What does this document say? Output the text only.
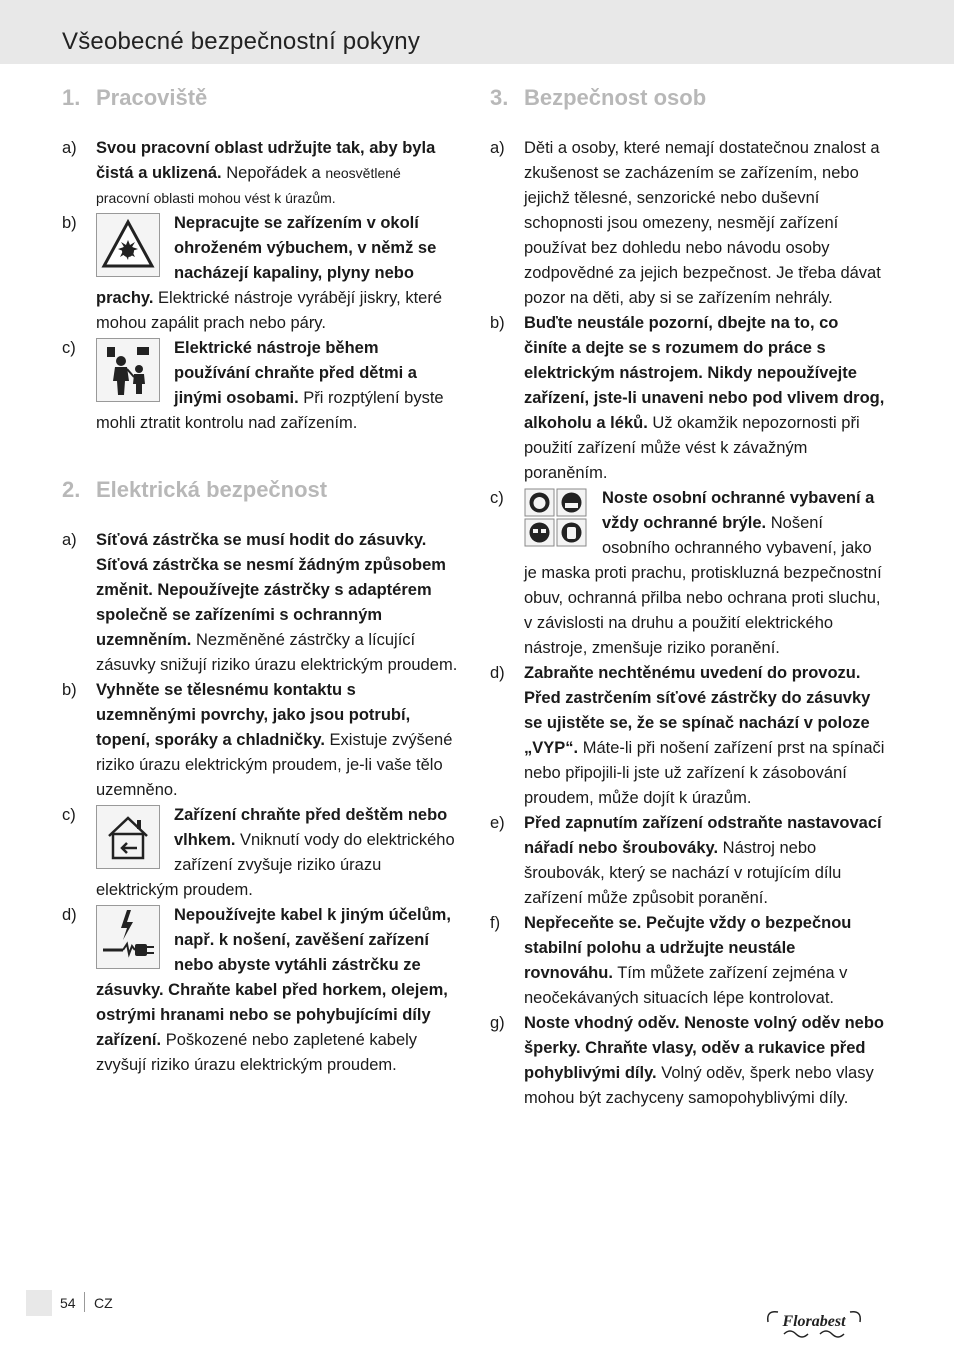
Všeobecné bezpečnostní pokyny
1. Pracoviště

a) Svou pracovní oblast udržujte tak, aby byla čistá a uklizená. Nepořádek a neosvětlené pracovní oblasti mohou vést k úrazům.

b)	Nepracujte se zařízením v okolí ohroženém výbuchem, v němž se nacházejí kapaliny, plyny nebo prachy. Elektrické nástroje vyrábějí jiskry, které mohou zapálit prach nebo páry.

c)	Elektrické nástroje během používání chraňte před dětmi a jinými osobami. Při rozptýlení byste mohli ztratit kontrolu nad zařízením.

2. Elektrická bezpečnost

a) Síťová zástrčka se musí hodit do zásuvky. Síťová zástrčka se nesmí žádným způsobem změnit. Nepoužívejte zástrčky s adaptérem společně se zařízeními s ochranným uzemněním. Nezměněné zástrčky a lícující zásuvky snižují riziko úrazu elektrickým proudem.

b) Vyhněte se tělesnému kontaktu s uzemněnými povrchy, jako jsou potrubí, topení, sporáky a chladničky. Existuje zvýšené riziko úrazu elektrickým proudem, je-li vaše tělo uzemněno.

c)	Zařízení chraňte před deštěm nebo vlhkem. Vniknutí vody do elektrického zařízení zvyšuje riziko úrazu elektrickým proudem.

d)	Nepoužívejte kabel k jiným účelům, např. k nošení, zavěšení zařízení nebo abyste vytáhli zástrčku ze zásuvky. Chraňte kabel před horkem, olejem, ostrými hranami nebo se pohybujícími díly zařízení. Poškozené nebo zapletené kabely zvyšují riziko úrazu elektrickým proudem.

3. Bezpečnost osob

a) Děti a osoby, které nemají dostatečnou znalost a zkušenost se zacházením se zařízením, nebo jejichž tělesné, senzorické nebo duševní schopnosti jsou omezeny, nesmějí zařízení používat bez dohledu nebo návodu osoby zodpovědné za jejich bezpečnost. Je třeba dávat pozor na děti, aby si se zařízením nehrály.

b) Buďte neustále pozorní, dbejte na to, co činíte a dejte se s rozumem do práce s elektrickým nástrojem. Nikdy nepoužívejte zařízení, jste-li unaveni nebo pod vlivem drog, alkoholu a léků. Už okamžik nepozornosti při použití zařízení může vést k závažným poraněním.

c)	Noste osobní ochranné vybavení a vždy ochranné brýle. Nošení osobního ochranného vybavení, jako je maska proti prachu, protiskluzná bezpečnostní obuv, ochranná přilba nebo ochrana proti sluchu, v závislosti na druhu a použití elektrického nástroje, zmenšuje riziko poranění.

d) Zabraňte nechtěnému uvedení do provozu. Před zastrčením síťové zástrčky do zásuvky se ujistěte se, že se spínač nachází v poloze „VYP“. Máte-li při nošení zařízení prst na spínači nebo připojili-li jste už zařízení k zásobování proudem, může dojít k úrazům.

e) Před zapnutím zařízení odstraňte nastavovací nářadí nebo šroubováky. Nástroj nebo šroubovák, který se nachází v rotujícím dílu zařízení může způsobit poranění.

f) Nepřeceňte se. Pečujte vždy o bezpečnou stabilní polohu a udržujte neustále rovnováhu. Tím můžete zařízení zejména v neočekávaných situacích lépe kontrolovat.

g) Noste vhodný oděv. Nenoste volný oděv nebo šperky. Chraňte vlasy, oděv a rukavice před pohyblivými díly. Volný oděv, šperk nebo vlasy mohou být zachyceny samopohyblivými díly.

54 CZ
Florabest
